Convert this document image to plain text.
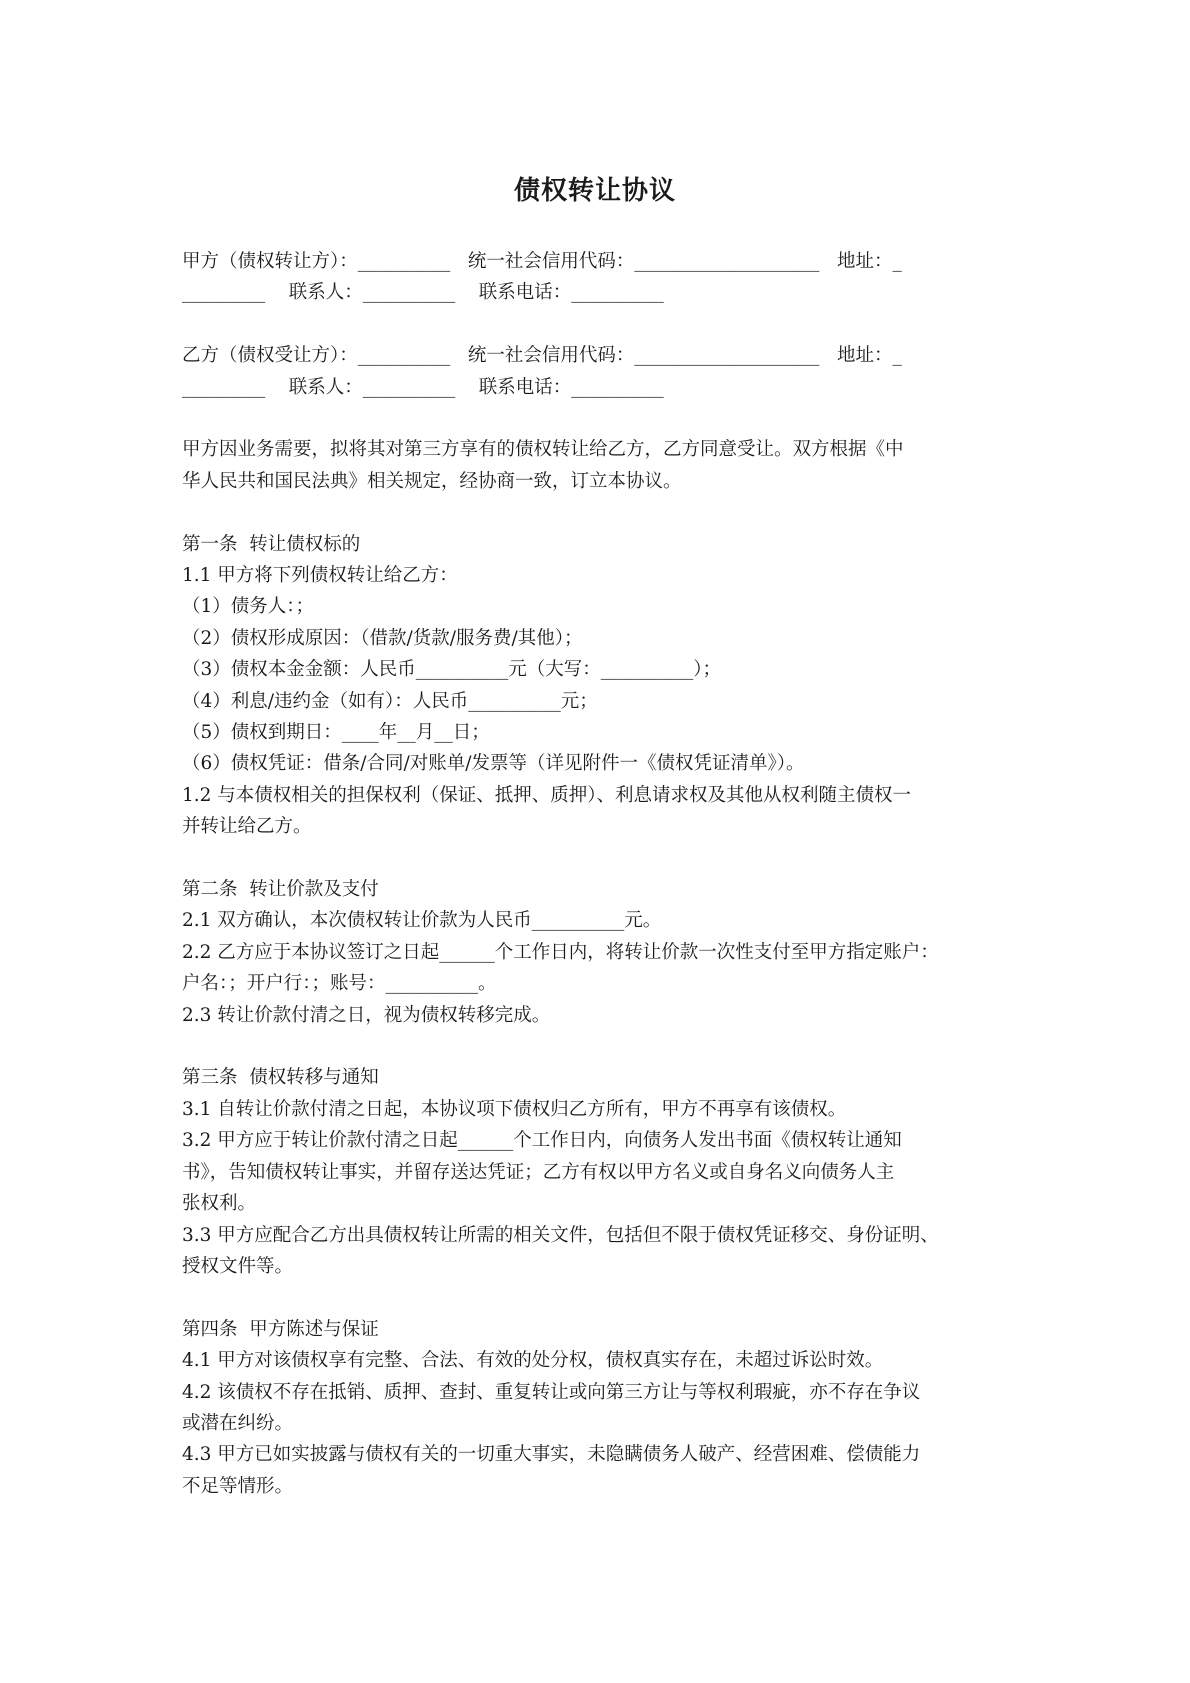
债权转让协议

甲方（债权转让方）：__________   统一社会信用代码：____________________   地址：_

_________    联系人：__________    联系电话：__________

乙方（债权受让方）：__________   统一社会信用代码：____________________   地址：_

_________    联系人：__________    联系电话：__________

甲方因业务需要，拟将其对第三方享有的债权转让给乙方，乙方同意受让。双方根据《中

华人民共和国民法典》相关规定，经协商一致，订立本协议。

第一条  转让债权标的

1.1 甲方将下列债权转让给乙方：

（1）债务人：；

（2）债权形成原因：（借款/货款/服务费/其他）；

（3）债权本金金额：人民币__________元（大写：__________）；

（4）利息/违约金（如有）：人民币__________元；

（5）债权到期日：____年__月__日；

（6）债权凭证：借条/合同/对账单/发票等（详见附件一《债权凭证清单》）。

1.2 与本债权相关的担保权利（保证、抵押、质押）、利息请求权及其他从权利随主债权一

并转让给乙方。

第二条  转让价款及支付

2.1 双方确认，本次债权转让价款为人民币__________元。

2.2 乙方应于本协议签订之日起______个工作日内，将转让价款一次性支付至甲方指定账户：

户名：；开户行：；账号：__________。

2.3 转让价款付清之日，视为债权转移完成。

第三条  债权转移与通知

3.1 自转让价款付清之日起，本协议项下债权归乙方所有，甲方不再享有该债权。

3.2 甲方应于转让价款付清之日起______个工作日内，向债务人发出书面《债权转让通知

书》，告知债权转让事实，并留存送达凭证；乙方有权以甲方名义或自身名义向债务人主

张权利。

3.3 甲方应配合乙方出具债权转让所需的相关文件，包括但不限于债权凭证移交、身份证明、

授权文件等。

第四条  甲方陈述与保证

4.1 甲方对该债权享有完整、合法、有效的处分权，债权真实存在，未超过诉讼时效。

4.2 该债权不存在抵销、质押、查封、重复转让或向第三方让与等权利瑕疵，亦不存在争议

或潜在纠纷。

4.3 甲方已如实披露与债权有关的一切重大事实，未隐瞒债务人破产、经营困难、偿债能力

不足等情形。
